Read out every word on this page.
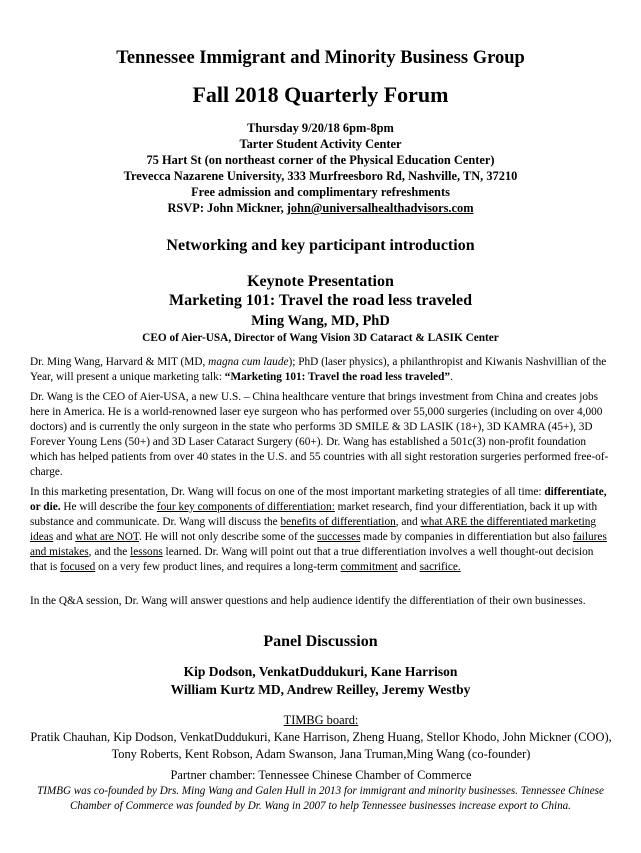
Tennessee Immigrant and Minority Business Group
Fall 2018 Quarterly Forum
Thursday 9/20/18 6pm-8pm
Tarter Student Activity Center
75 Hart St (on northeast corner of the Physical Education Center)
Trevecca Nazarene University, 333 Murfreesboro Rd, Nashville, TN, 37210
Free admission and complimentary refreshments
RSVP: John Mickner, john@universalhealthadvisors.com
Networking and key participant introduction
Keynote Presentation
Marketing 101: Travel the road less traveled
Ming Wang, MD, PhD
CEO of Aier-USA, Director of Wang Vision 3D Cataract & LASIK Center
Dr. Ming Wang, Harvard & MIT (MD, magna cum laude); PhD (laser physics), a philanthropist and Kiwanis Nashvillian of the Year, will present a unique marketing talk: “Marketing 101: Travel the road less traveled”.
Dr. Wang is the CEO of Aier-USA, a new U.S. – China healthcare venture that brings investment from China and creates jobs here in America. He is a world-renowned laser eye surgeon who has performed over 55,000 surgeries (including on over 4,000 doctors) and is currently the only surgeon in the state who performs 3D SMILE & 3D LASIK (18+), 3D KAMRA (45+), 3D Forever Young Lens (50+) and 3D Laser Cataract Surgery (60+). Dr. Wang has established a 501c(3) non-profit foundation which has helped patients from over 40 states in the U.S. and 55 countries with all sight restoration surgeries performed free-of-charge.
In this marketing presentation, Dr. Wang will focus on one of the most important marketing strategies of all time: differentiate, or die. He will describe the four key components of differentiation: market research, find your differentiation, back it up with substance and communicate. Dr. Wang will discuss the benefits of differentiation, and what ARE the differentiated marketing ideas and what are NOT. He will not only describe some of the successes made by companies in differentiation but also failures and mistakes, and the lessons learned. Dr. Wang will point out that a true differentiation involves a well thought-out decision that is focused on a very few product lines, and requires a long-term commitment and sacrifice.
In the Q&A session, Dr. Wang will answer questions and help audience identify the differentiation of their own businesses.
Panel Discussion
Kip Dodson, VenkatDuddukuri, Kane Harrison
William Kurtz MD, Andrew Reilley, Jeremy Westby
TIMBG board:
Pratik Chauhan, Kip Dodson, VenkatDuddukuri, Kane Harrison, Zheng Huang, Stellor Khodo, John Mickner (COO), Tony Roberts, Kent Robson, Adam Swanson, Jana Truman,Ming Wang (co-founder)
Partner chamber: Tennessee Chinese Chamber of Commerce
TIMBG was co-founded by Drs. Ming Wang and Galen Hull in 2013 for immigrant and minority businesses. Tennessee Chinese Chamber of Commerce was founded by Dr. Wang in 2007 to help Tennessee businesses increase export to China.
